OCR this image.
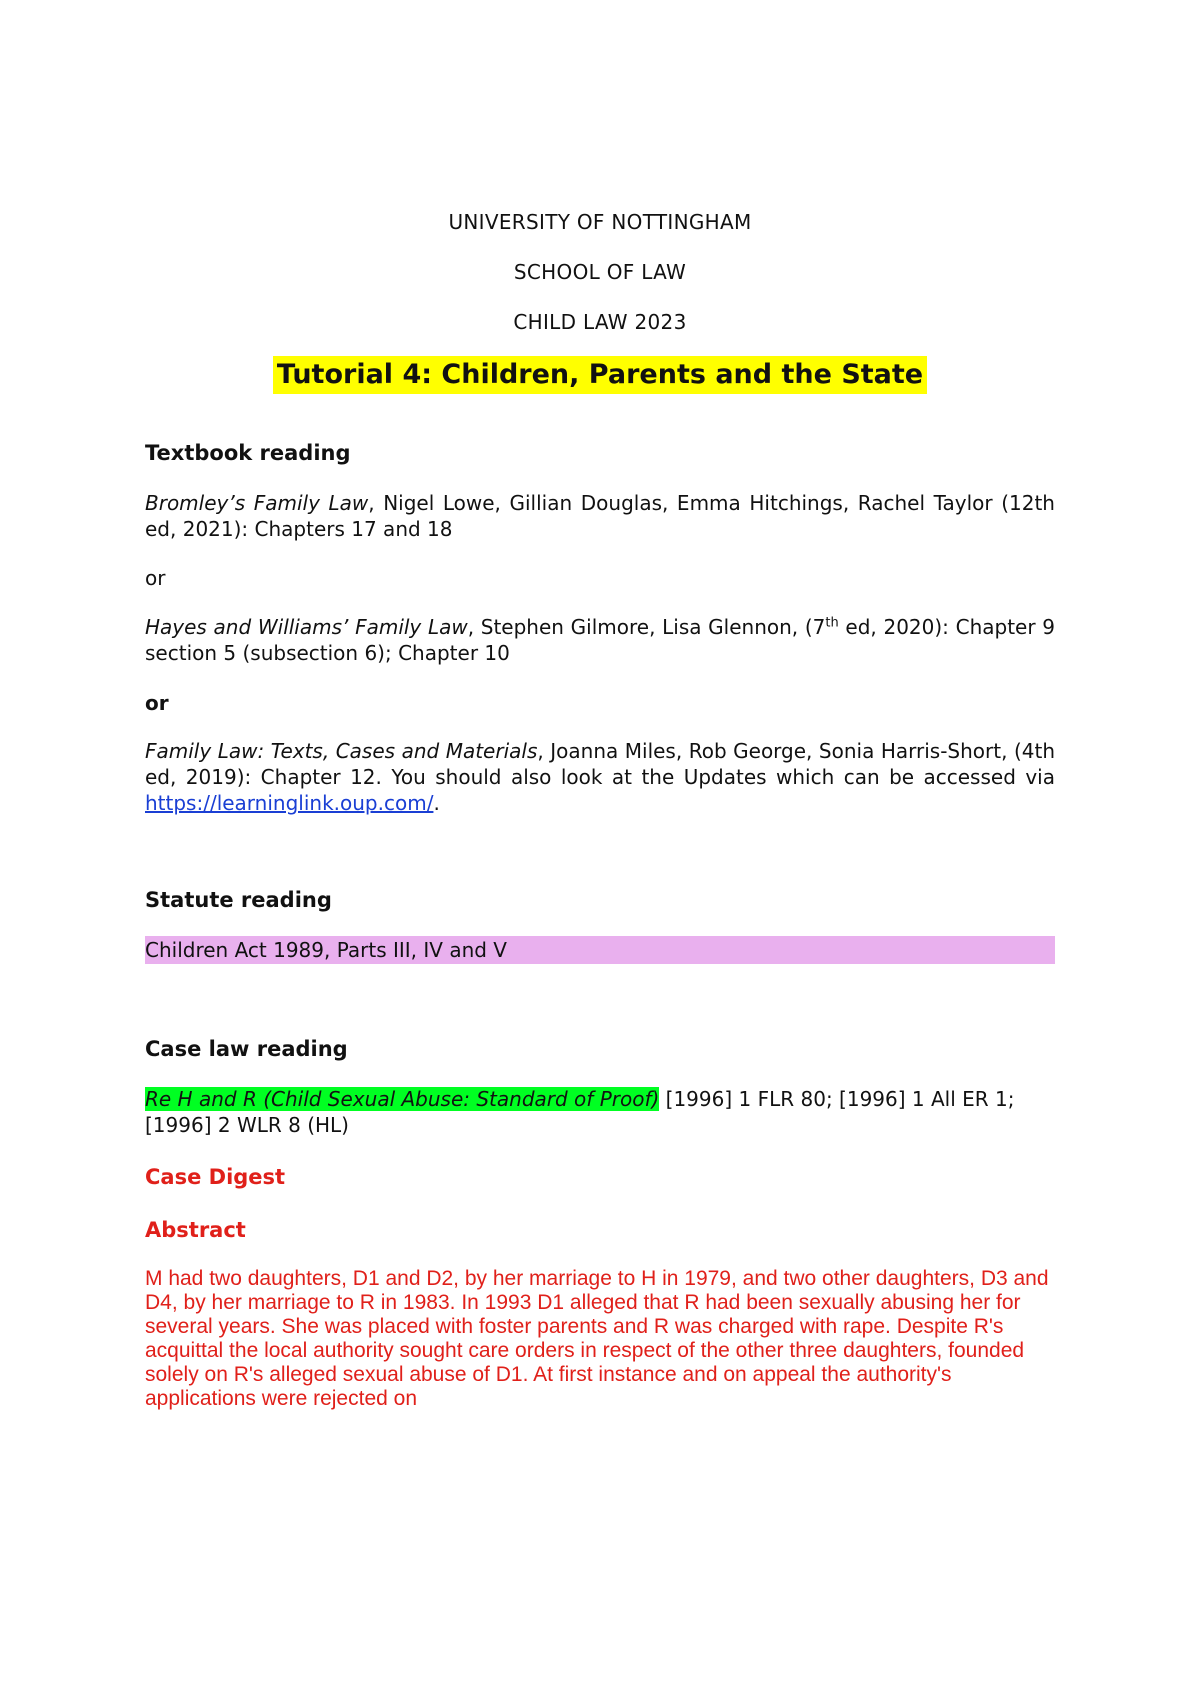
UNIVERSITY OF NOTTINGHAM
SCHOOL OF LAW
CHILD LAW 2023
Tutorial 4: Children, Parents and the State
Textbook reading
Bromley’s Family Law, Nigel Lowe, Gillian Douglas, Emma Hitchings, Rachel Taylor (12th ed, 2021): Chapters 17 and 18
or
Hayes and Williams’ Family Law, Stephen Gilmore, Lisa Glennon, (7th ed, 2020): Chapter 9 section 5 (subsection 6); Chapter 10
or
Family Law: Texts, Cases and Materials, Joanna Miles, Rob George, Sonia Harris-Short, (4th ed, 2019): Chapter 12. You should also look at the Updates which can be accessed via https://learninglink.oup.com/.
Statute reading
Children Act 1989, Parts III, IV and V
Case law reading
Re H and R (Child Sexual Abuse: Standard of Proof) [1996] 1 FLR 80; [1996] 1 All ER 1; [1996] 2 WLR 8 (HL)
Case Digest
Abstract
M had two daughters, D1 and D2, by her marriage to H in 1979, and two other daughters, D3 and D4, by her marriage to R in 1983. In 1993 D1 alleged that R had been sexually abusing her for several years. She was placed with foster parents and R was charged with rape. Despite R's acquittal the local authority sought care orders in respect of the other three daughters, founded solely on R's alleged sexual abuse of D1. At first instance and on appeal the authority's applications were rejected on
